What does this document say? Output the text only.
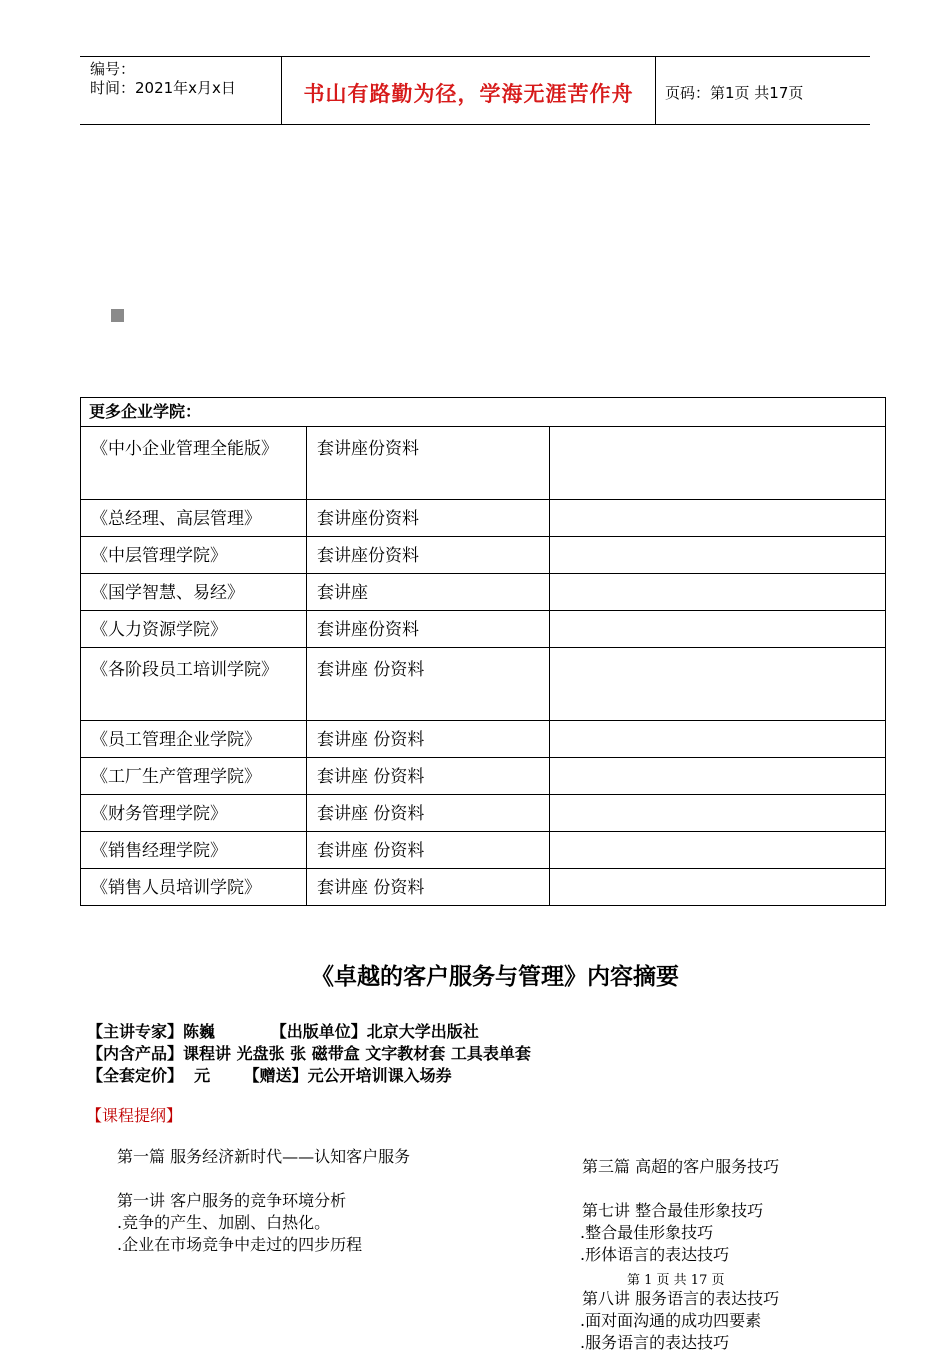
编号：
时间：2021年x月x日	书山有路勤为径，学海无涯苦作舟	页码：第1页 共17页
更多企业学院：		
《中小企业管理全能版》	套讲座份资料	
《总经理、高层管理》	套讲座份资料	
《中层管理学院》	套讲座份资料	
《国学智慧、易经》	套讲座	
《人力资源学院》	套讲座份资料	
《各阶段员工培训学院》	套讲座 份资料	
《员工管理企业学院》	套讲座 份资料	
《工厂生产管理学院》	套讲座 份资料	
《财务管理学院》	套讲座 份资料	
《销售经理学院》	套讲座 份资料	
《销售人员培训学院》	套讲座 份资料	
《卓越的客户服务与管理》内容摘要
【主讲专家】陈巍          【出版单位】北京大学出版社
【内含产品】课程讲 光盘张 张 磁带盒 文字教材套 工具表单套
【全套定价】  元      【赠送】元公开培训课入场券
【课程提纲】
第一篇 服务经济新时代——认知客户服务
第一讲 客户服务的竞争环境分析
.竞争的产生、加剧、白热化。
.企业在市场竞争中走过的四步历程
第三篇 高超的客户服务技巧
第七讲 整合最佳形象技巧
.整合最佳形象技巧
.形体语言的表达技巧
第 1 页 共 17 页
第八讲 服务语言的表达技巧
.面对面沟通的成功四要素
.服务语言的表达技巧
